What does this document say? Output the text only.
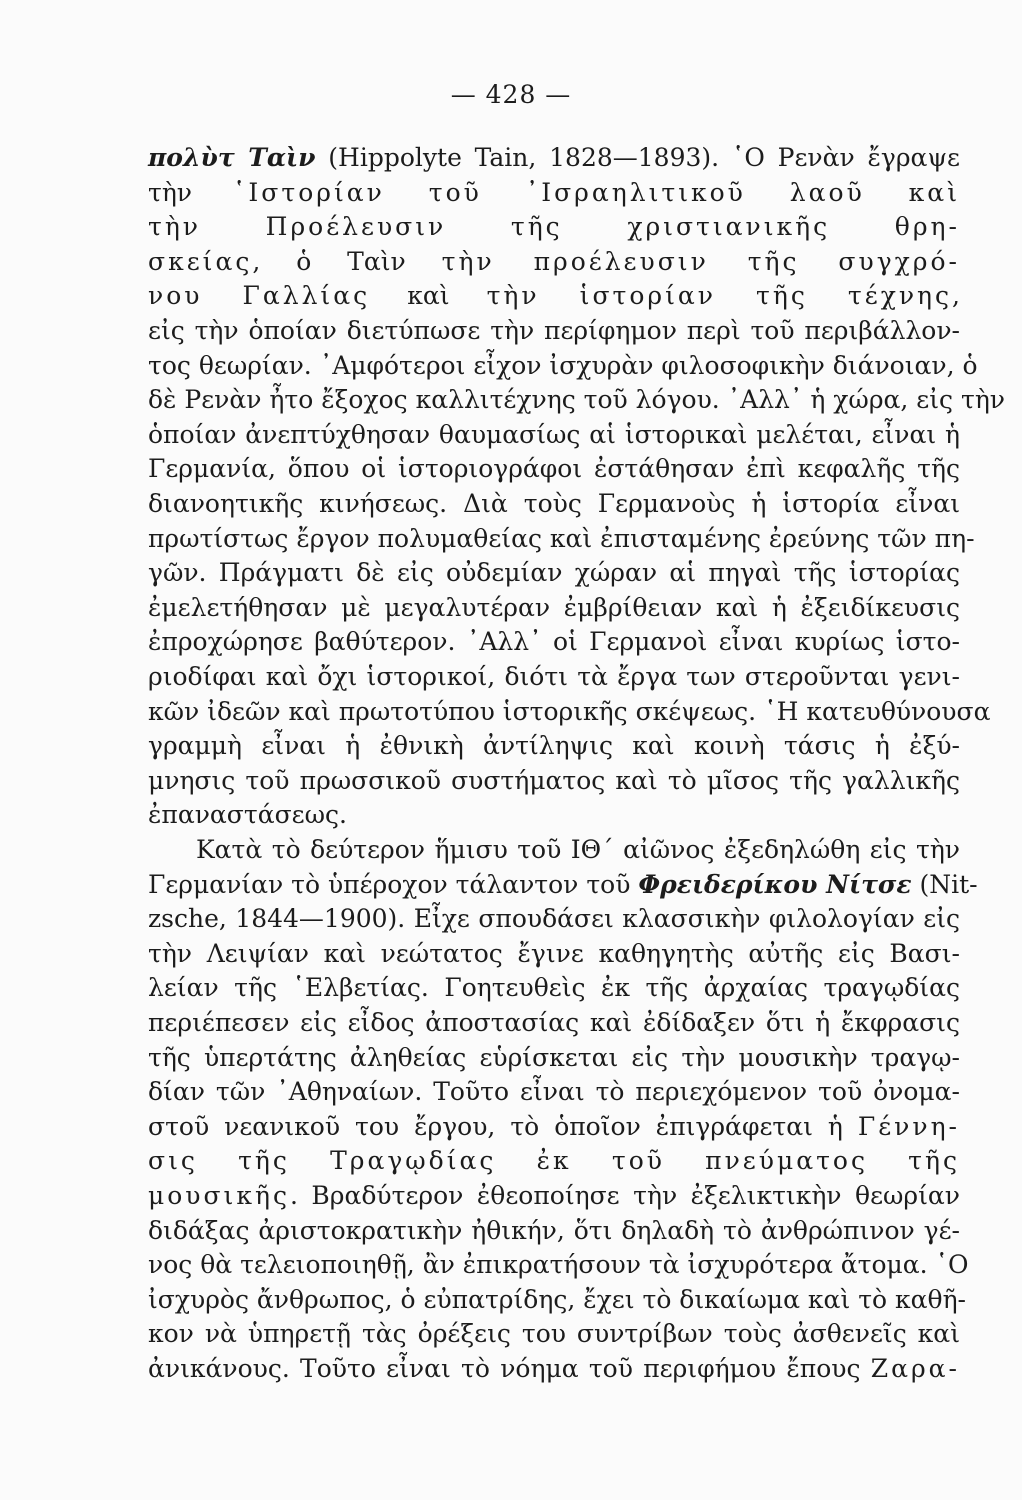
— 428 —
πολὺτ Ταὶν (Hippolyte Tain, 1828—1893). ῾Ο Ρενὰν ἔγραψε
τὴν ῾Ιστορίαν τοῦ ᾿Ισραηλιτικοῦ λαοῦ καὶ
τὴν Προέλευσιν τῆς χριστιανικῆς θρη-
σκείας, ὁ Ταὶν τὴν προέλευσιν τῆς συγχρό-
νου Γαλλίας καὶ τὴν ἱστορίαν τῆς τέχνης,
εἰς τὴν ὁποίαν διετύπωσε τὴν περίφημον περὶ τοῦ περιβάλλον-
τος θεωρίαν. ᾿Αμφότεροι εἶχον ἰσχυρὰν φιλοσοφικὴν διάνοιαν, ὁ
δὲ Ρενὰν ἦτο ἔξοχος καλλιτέχνης τοῦ λόγου. ᾿Αλλ᾿ ἡ χώρα, εἰς τὴν
ὁποίαν ἀνεπτύχθησαν θαυμασίως αἱ ἱστορικαὶ μελέται, εἶναι ἡ
Γερμανία, ὅπου οἱ ἱστοριογράφοι ἐστάθησαν ἐπὶ κεφαλῆς τῆς
διανοητικῆς κινήσεως. Διὰ τοὺς Γερμανοὺς ἡ ἱστορία εἶναι
πρωτίστως ἔργον πολυμαθείας καὶ ἐπισταμένης ἐρεύνης τῶν πη-
γῶν. Πράγματι δὲ εἰς οὐδεμίαν χώραν αἱ πηγαὶ τῆς ἱστορίας
ἐμελετήθησαν μὲ μεγαλυτέραν ἐμβρίθειαν καὶ ἡ ἐξειδίκευσις
ἐπροχώρησε βαθύτερον. ᾿Αλλ᾿ οἱ Γερμανοὶ εἶναι κυρίως ἱστο-
ριοδίφαι καὶ ὄχι ἱστορικοί, διότι τὰ ἔργα των στεροῦνται γενι-
κῶν ἰδεῶν καὶ πρωτοτύπου ἱστορικῆς σκέψεως. ῾Η κατευθύνουσα
γραμμὴ εἶναι ἡ ἐθνικὴ ἀντίληψις καὶ κοινὴ τάσις ἡ ἐξύ-
μνησις τοῦ πρωσσικοῦ συστήματος καὶ τὸ μῖσος τῆς γαλλικῆς
ἐπαναστάσεως.
Κατὰ τὸ δεύτερον ἥμισυ τοῦ ΙΘ΄ αἰῶνος ἐξεδηλώθη εἰς τὴν
Γερμανίαν τὸ ὑπέροχον τάλαντον τοῦ Φρειδερίκου Νίτσε (Nit-
zsche, 1844—1900). Εἶχε σπουδάσει κλασσικὴν φιλολογίαν εἰς
τὴν Λειψίαν καὶ νεώτατος ἔγινε καθηγητὴς αὐτῆς εἰς Βασι-
λείαν τῆς ῾Ελβετίας. Γοητευθεὶς ἐκ τῆς ἀρχαίας τραγῳδίας
περιέπεσεν εἰς εἶδος ἀποστασίας καὶ ἐδίδαξεν ὅτι ἡ ἔκφρασις
τῆς ὑπερτάτης ἀληθείας εὑρίσκεται εἰς τὴν μουσικὴν τραγῳ-
δίαν τῶν ᾿Αθηναίων. Τοῦτο εἶναι τὸ περιεχόμενον τοῦ ὀνομα-
στοῦ νεανικοῦ του ἔργου, τὸ ὁποῖον ἐπιγράφεται ἡ Γέννη-
σις τῆς Τραγῳδίας ἐκ τοῦ πνεύματος τῆς
μουσικῆς. Βραδύτερον ἐθεοποίησε τὴν ἐξελικτικὴν θεωρίαν
διδάξας ἀριστοκρατικὴν ἠθικήν, ὅτι δηλαδὴ τὸ ἀνθρώπινον γέ-
νος θὰ τελειοποιηθῇ, ἂν ἐπικρατήσουν τὰ ἰσχυρότερα ἄτομα. ῾Ο
ἰσχυρὸς ἄνθρωπος, ὁ εὐπατρίδης, ἔχει τὸ δικαίωμα καὶ τὸ καθῆ-
κον νὰ ὑπηρετῇ τὰς ὀρέξεις του συντρίβων τοὺς ἀσθενεῖς καὶ
ἀνικάνους. Τοῦτο εἶναι τὸ νόημα τοῦ περιφήμου ἔπους Ζαρα-
